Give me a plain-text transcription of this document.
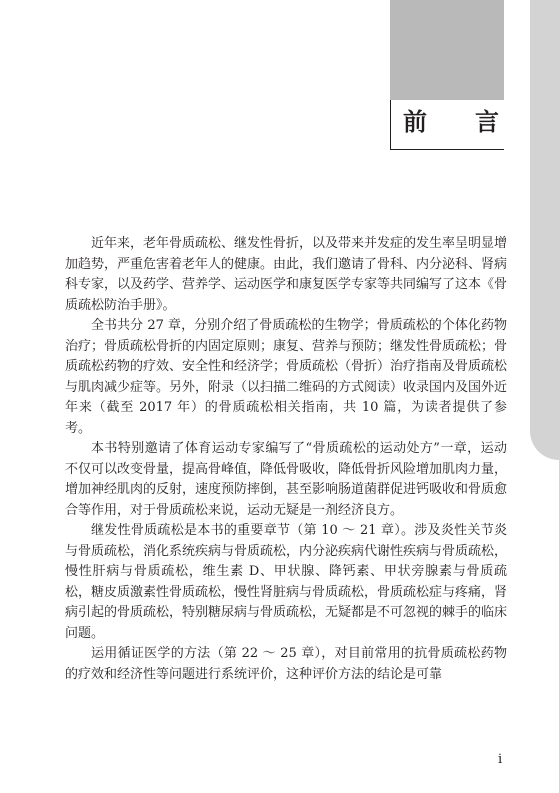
前 言

近年来，老年骨质疏松、继发性骨折，以及带来并发症的发生率呈明显增加趋势，严重危害着老年人的健康。由此，我们邀请了骨科、内分泌科、肾病科专家，以及药学、营养学、运动医学和康复医学专家等共同编写了这本《骨质疏松防治手册》。

全书共分 27 章，分别介绍了骨质疏松的生物学；骨质疏松的个体化药物治疗；骨质疏松骨折的内固定原则；康复、营养与预防；继发性骨质疏松；骨质疏松药物的疗效、安全性和经济学；骨质疏松（骨折）治疗指南及骨质疏松与肌肉减少症等。另外，附录（以扫描二维码的方式阅读）收录国内及国外近年来（截至 2017 年）的骨质疏松相关指南，共 10 篇，为读者提供了参考。

本书特别邀请了体育运动专家编写了“骨质疏松的运动处方”一章，运动不仅可以改变骨量，提高骨峰值，降低骨吸收，降低骨折风险增加肌肉力量，增加神经肌肉的反射，速度预防摔倒，甚至影响肠道菌群促进钙吸收和骨质愈合等作用，对于骨质疏松来说，运动无疑是一剂经济良方。

继发性骨质疏松是本书的重要章节（第 10 ～ 21 章）。涉及炎性关节炎与骨质疏松，消化系统疾病与骨质疏松，内分泌疾病代谢性疾病与骨质疏松，慢性肝病与骨质疏松，维生素 D、甲状腺、降钙素、甲状旁腺素与骨质疏松，糖皮质激素性骨质疏松，慢性肾脏病与骨质疏松，骨质疏松症与疼痛，肾病引起的骨质疏松，特别糖尿病与骨质疏松，无疑都是不可忽视的棘手的临床问题。

运用循证医学的方法（第 22 ～ 25 章），对目前常用的抗骨质疏松药物的疗效和经济性等问题进行系统评价，这种评价方法的结论是可靠

i
